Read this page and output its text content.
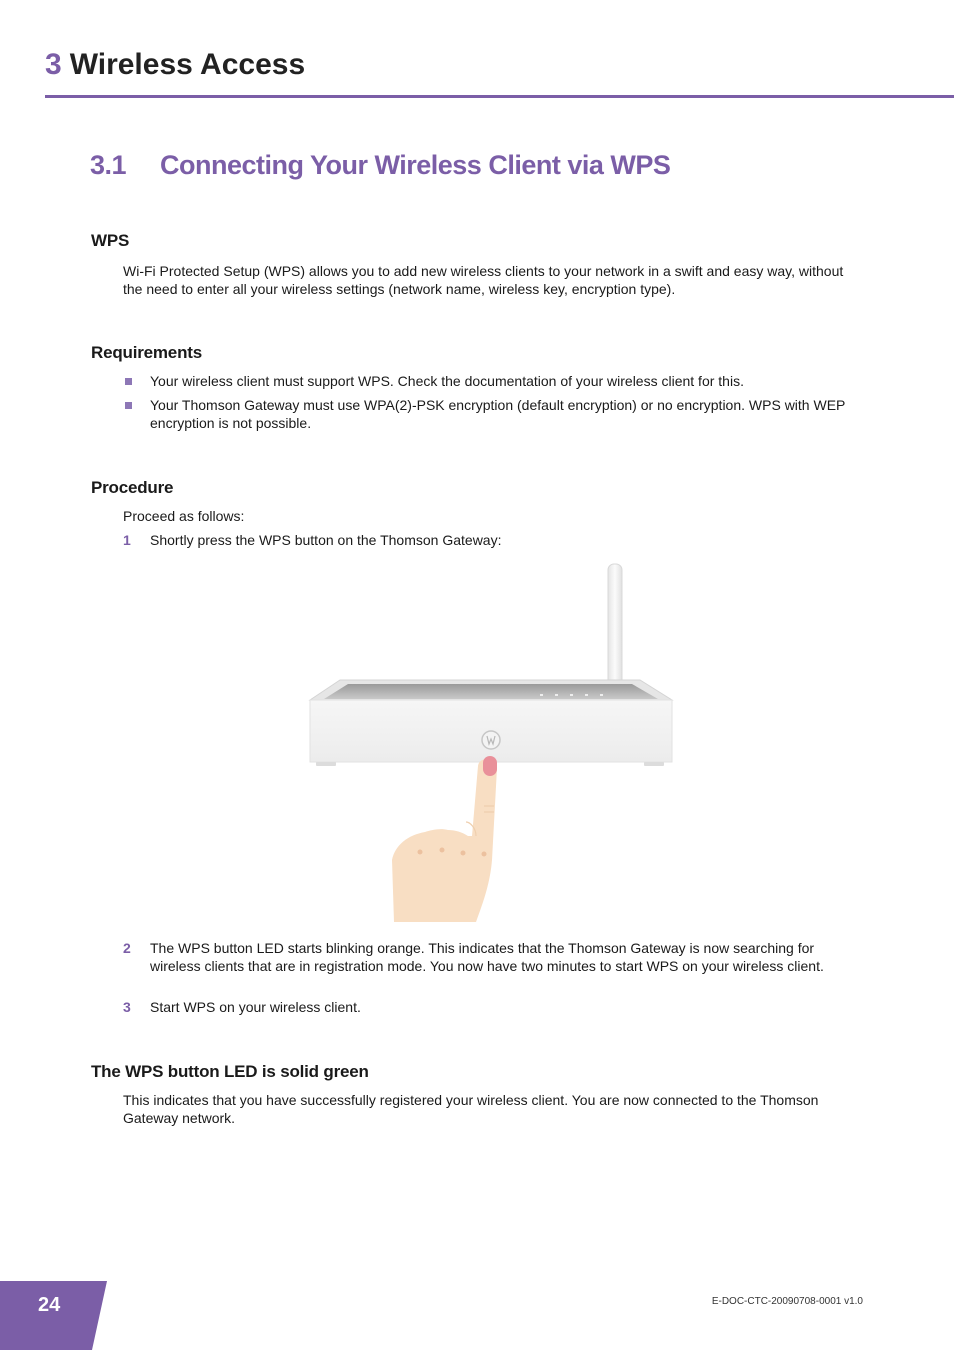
3 Wireless Access
3.1 Connecting Your Wireless Client via WPS
WPS
Wi-Fi Protected Setup (WPS) allows you to add new wireless clients to your network in a swift and easy way, without the need to enter all your wireless settings (network name, wireless key, encryption type).
Requirements
Your wireless client must support WPS. Check the documentation of your wireless client for this.
Your Thomson Gateway must use WPA(2)-PSK encryption (default encryption) or no encryption. WPS with WEP encryption is not possible.
Procedure
Proceed as follows:
1 Shortly press the WPS button on the Thomson Gateway:
2 The WPS button LED starts blinking orange. This indicates that the Thomson Gateway is now searching for wireless clients that are in registration mode. You now have two minutes to start WPS on your wireless client.
3 Start WPS on your wireless client.
The WPS button LED is solid green
This indicates that you have successfully registered your wireless client. You are now connected to the Thomson Gateway network.
24	E-DOC-CTC-20090708-0001 v1.0
